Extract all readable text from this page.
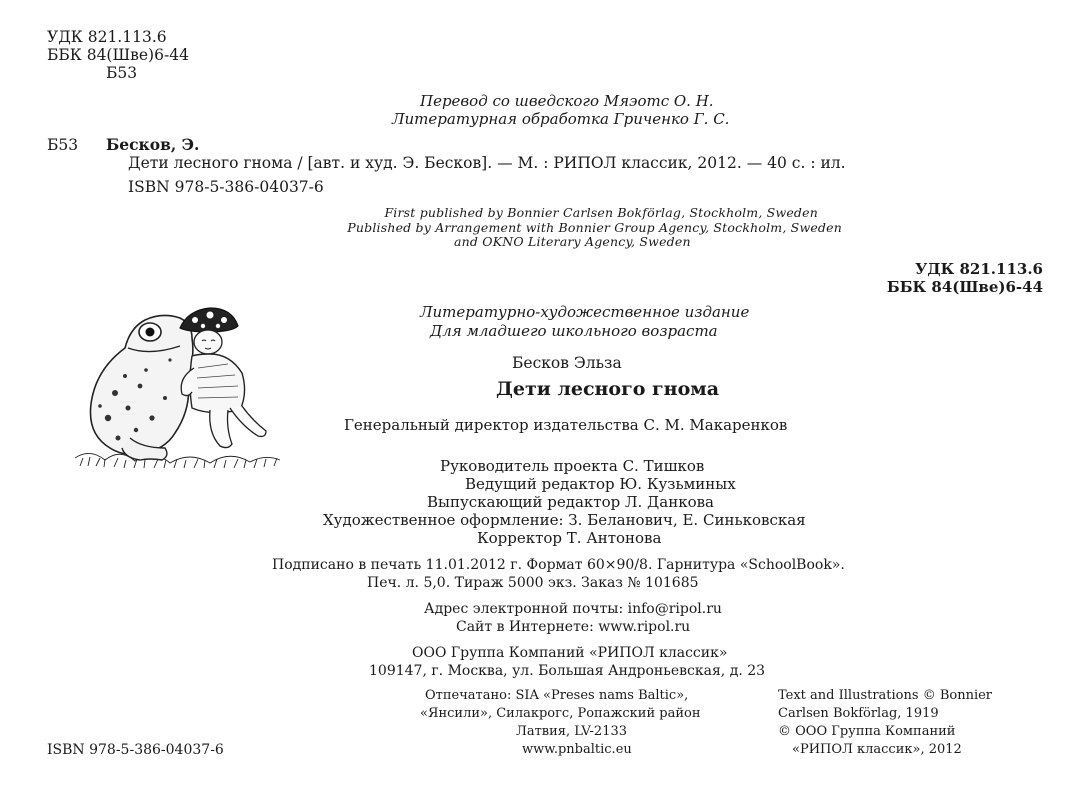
УДК 821.113.6
ББК 84(Шве)6-44
Б53
Перевод со шведского Мяэотс О. Н.
Литературная обработка Гриченко Г. С.
Б53 Бесков, Э.
Дети лесного гнома / [авт. и худ. Э. Бесков]. — М. : РИПОЛ классик, 2012. — 40 с. : ил.
ISBN 978-5-386-04037-6
First published by Bonnier Carlsen Bokförlag, Stockholm, Sweden
Published by Arrangement with Bonnier Group Agency, Stockholm, Sweden
and OKNO Literary Agency, Sweden
УДК 821.113.6
ББК 84(Шве)6-44
Литературно-художественное издание
Для младшего школьного возраста
Бесков Эльза
Дети лесного гнома
Генеральный директор издательства С. М. Макаренков
Руководитель проекта С. Тишков
Ведущий редактор Ю. Кузьминых
Выпускающий редактор Л. Данкова
Художественное оформление: З. Беланович, Е. Синьковская
Корректор Т. Антонова
Подписано в печать 11.01.2012 г. Формат 60×90/8. Гарнитура «SchoolBook».
Печ. л. 5,0. Тираж 5000 экз. Заказ № 101685
Адрес электронной почты: info@ripol.ru
Сайт в Интернете: www.ripol.ru
ООО Группа Компаний «РИПОЛ классик»
109147, г. Москва, ул. Большая Андроньевская, д. 23
Отпечатано: SIA «Preses nams Baltic»,
«Янсили», Силакрогс, Ропажский район
Латвия, LV-2133
www.pnbaltic.eu
Text and Illustrations © Bonnier
Carlsen Bokförlag, 1919
© ООО Группа Компаний
«РИПОЛ классик», 2012
ISBN 978-5-386-04037-6
